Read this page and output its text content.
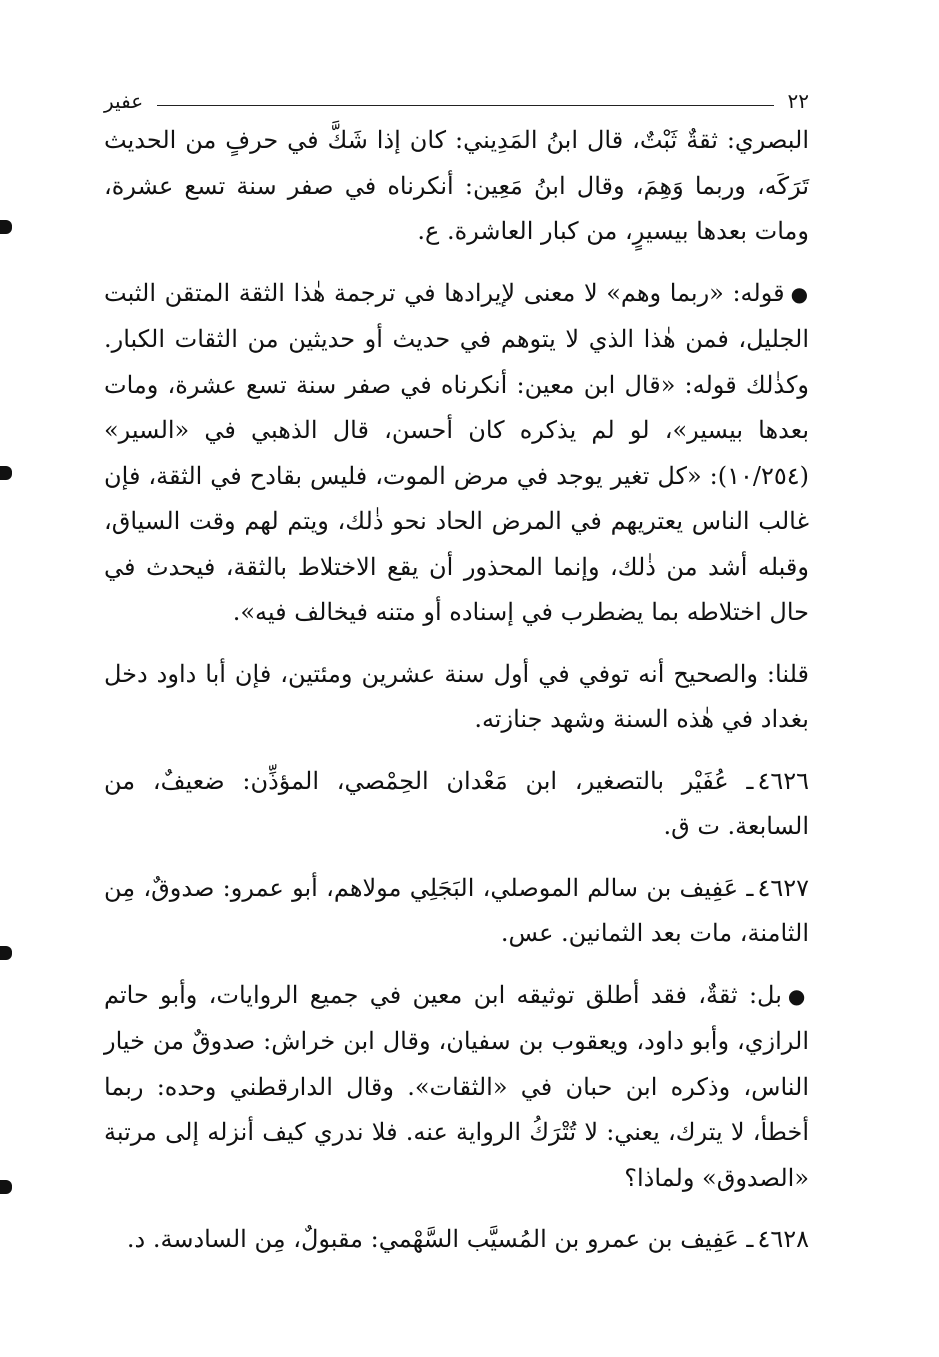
٢٢
عفير

البصري: ثقةٌ ثَبْتٌ، قال ابنُ المَدِيني: كان إذا شَكَّ في حرفٍ من الحديث تَرَكَه، وربما وَهِمَ، وقال ابنُ مَعِين: أنكرناه في صفر سنة تسع عشرة، ومات بعدها بيسيرٍ، من كبار العاشرة. ع.

●قوله: «ربما وهم» لا معنى لإيرادها في ترجمة هٰذا الثقة المتقن الثبت الجليل، فمن هٰذا الذي لا يتوهم في حديث أو حديثين من الثقات الكبار. وكذٰلك قوله: «قال ابن معين: أنكرناه في صفر سنة تسع عشرة، ومات بعدها بيسير»، لو لم يذكره كان أحسن، قال الذهبي في «السير» (١٠/٢٥٤): «كل تغير يوجد في مرض الموت، فليس بقادح في الثقة، فإن غالب الناس يعتريهم في المرض الحاد نحو ذٰلك، ويتم لهم وقت السياق، وقبله أشد من ذٰلك، وإنما المحذور أن يقع الاختلاط بالثقة، فيحدث في حال اختلاطه بما يضطرب في إسناده أو متنه فيخالف فيه».

قلنا: والصحيح أنه توفي في أول سنة عشرين ومئتين، فإن أبا داود دخل بغداد في هٰذه السنة وشهد جنازته.

٤٦٢٦ـ عُفَيْر بالتصغير، ابن مَعْدان الحِمْصي، المؤذِّن: ضعيفٌ، من السابعة. ت ق.

٤٦٢٧ـ عَفِيف بن سالم الموصلي، البَجَلِي مولاهم، أبو عمرو: صدوقٌ، مِن الثامنة، مات بعد الثمانين. عس.

●بل: ثقةٌ، فقد أطلق توثيقه ابن معين في جميع الروايات، وأبو حاتم الرازي، وأبو داود، ويعقوب بن سفيان، وقال ابن خراش: صدوقٌ من خيار الناس، وذكره ابن حبان في «الثقات». وقال الدارقطني وحده: ربما أخطأ، لا يترك، يعني: لا تُتْرَكُ الرواية عنه. فلا ندري كيف أنزله إلى مرتبة «الصدوق» ولماذا؟

٤٦٢٨ـ عَفِيف بن عمرو بن المُسيَّب السَّهْمي: مقبولٌ، مِن السادسة. د.
